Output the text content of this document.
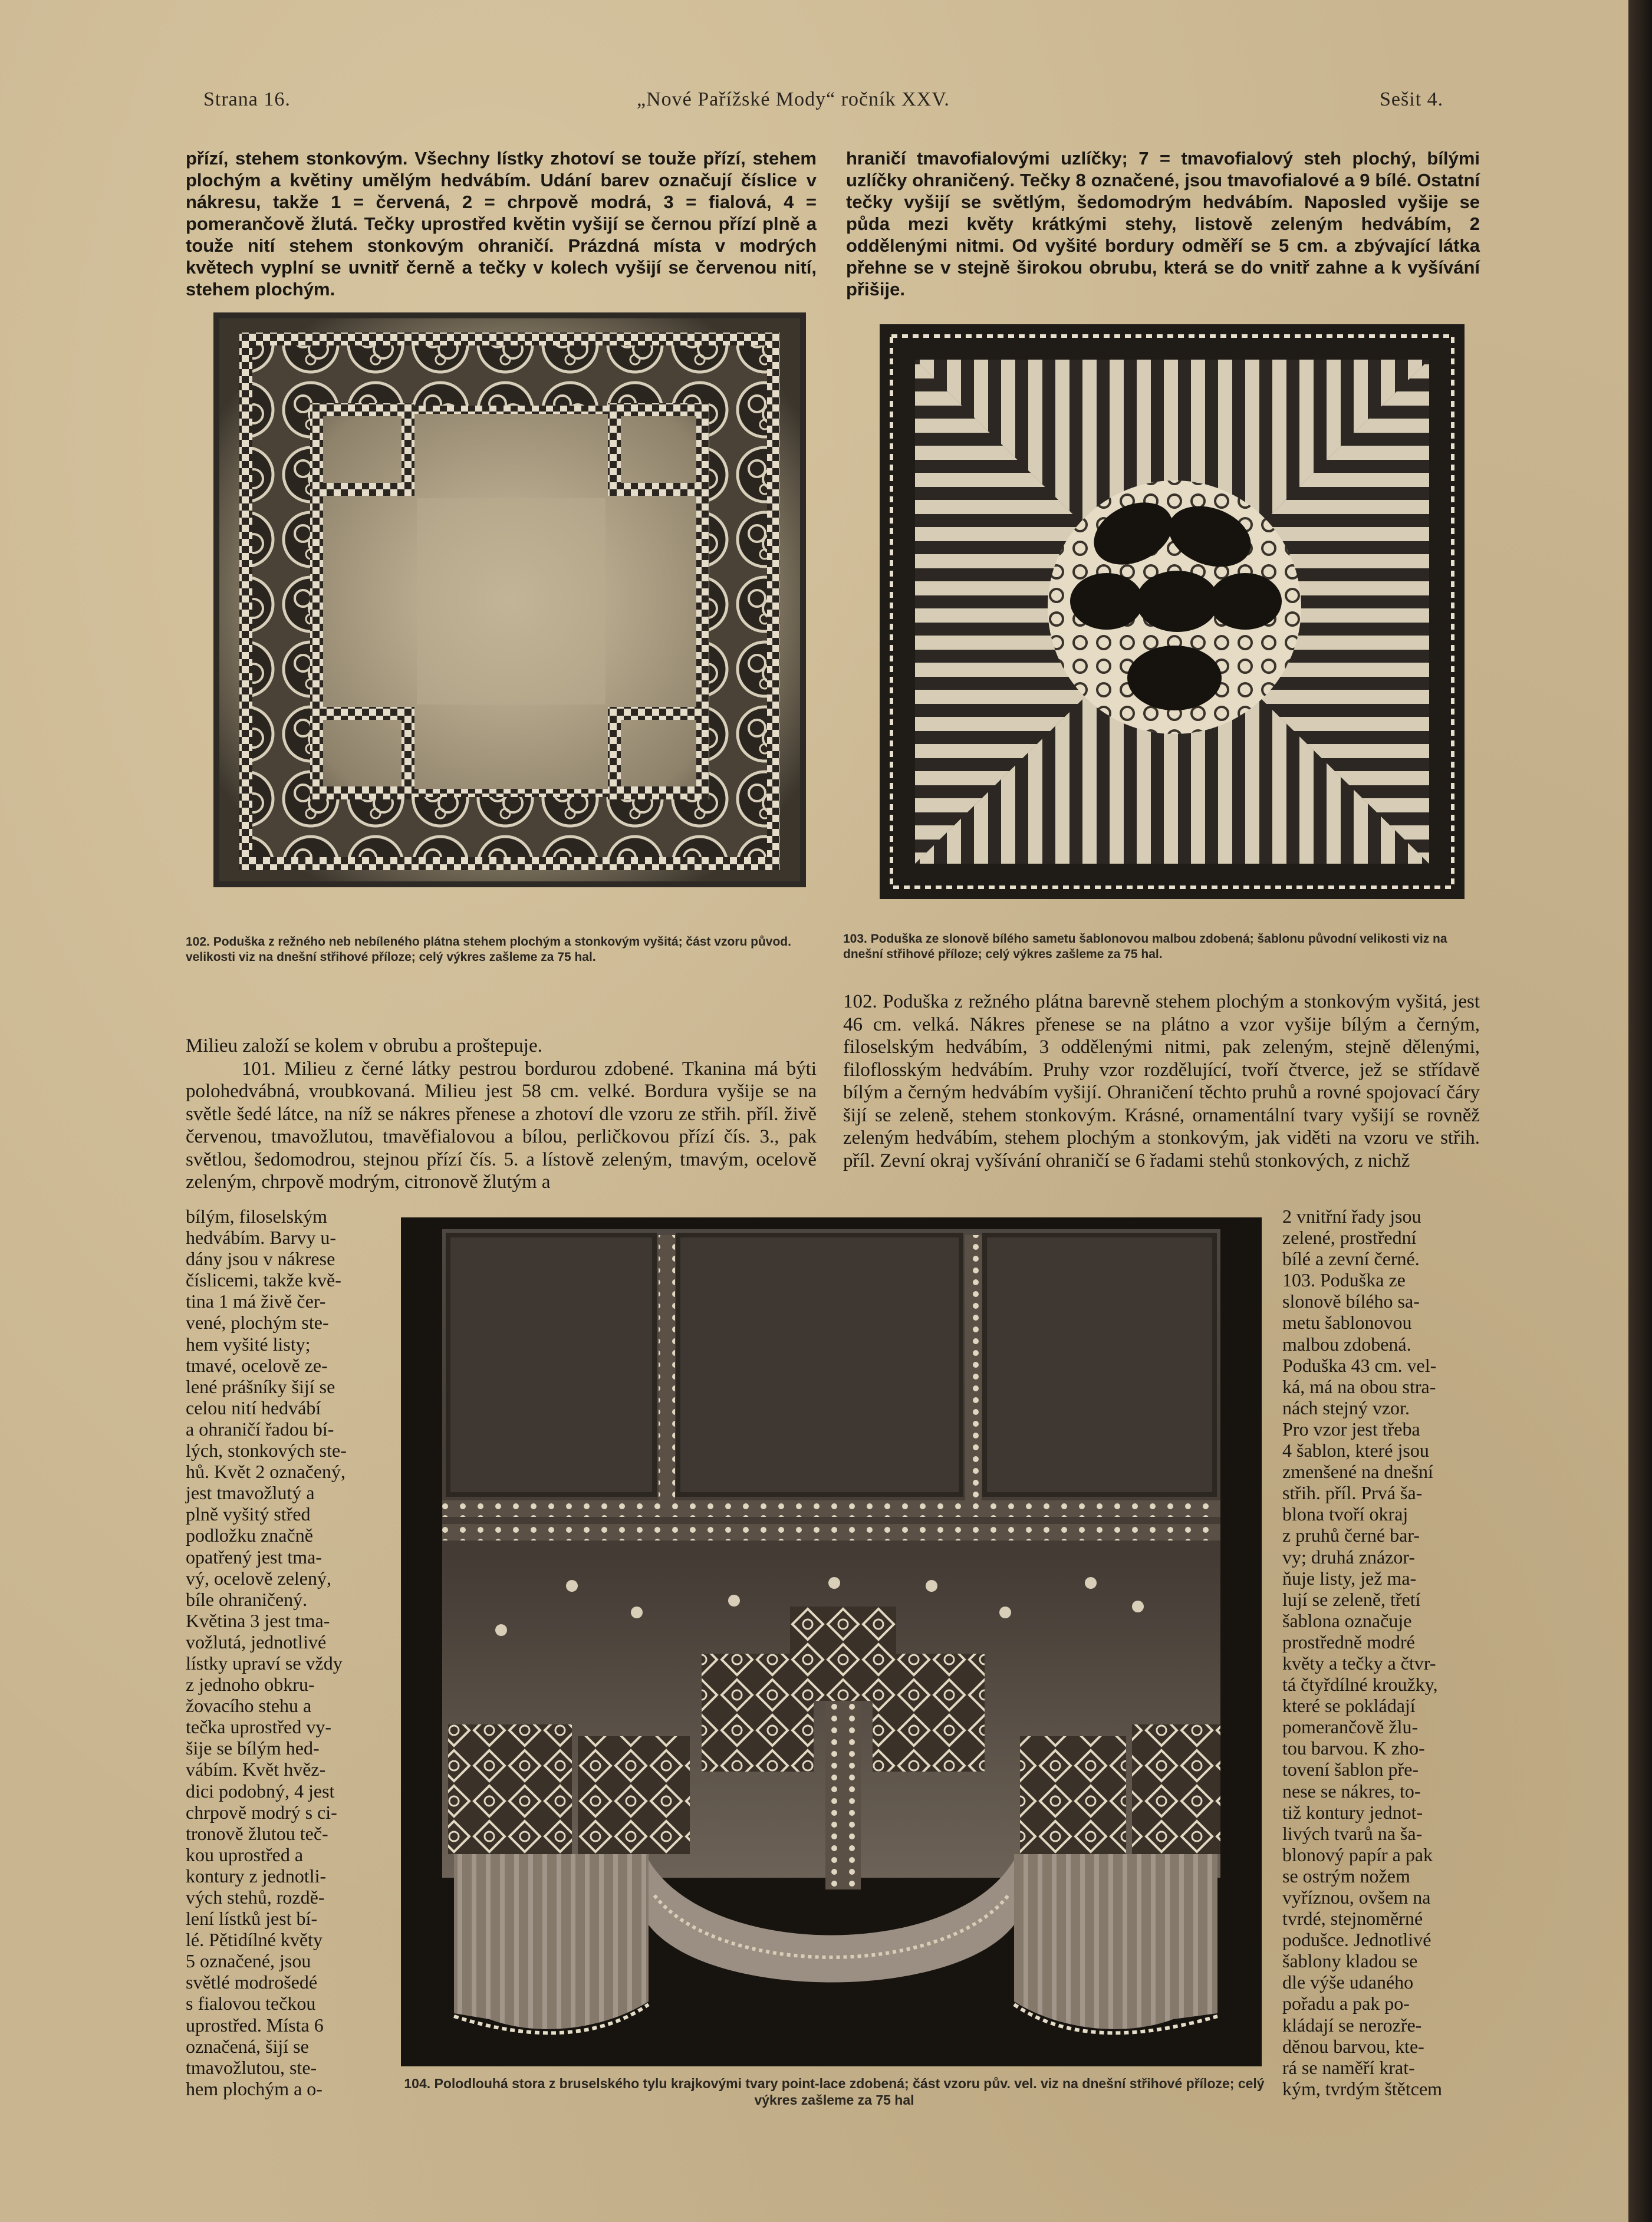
Strana 16.	„Nové Pařížské Mody“ ročník XXV.	Sešit 4.

přízí, stehem stonkovým. Všechny lístky zhotoví se touže přízí, stehem plochým a květiny umělým hedvábím. Udání barev označují číslice v nákresu, takže 1 = červená, 2 = chrpově modrá, 3 = fialová, 4 = pomerančově žlutá. Tečky uprostřed květin vyšijí se černou přízí plně a touže nití stehem stonkovým ohraničí. Prázdná místa v modrých květech vyplní se uvnitř černě a tečky v kolech vyšijí se červenou nití, stehem plochým.

hraničí tmavofialovými uzlíčky; 7 = tmavofialový steh plochý, bílými uzlíčky ohraničený. Tečky 8 označené, jsou tmavofialové a 9 bílé. Ostatní tečky vyšijí se světlým, šedomodrým hedvábím. Naposled vyšije se půda mezi květy krátkými stehy, listově zeleným hedvábím, 2 oddělenými nitmi. Od vyšité bordury odměří se 5 cm. a zbývající látka přehne se v stejně širokou obrubu, která se do vnitř zahne a k vyšívání přišije.

102. Poduška z režného neb nebíleného plátna stehem plochým a stonkovým vyšitá; část vzoru původ. velikosti viz na dnešní střihové příloze; celý výkres zašleme za 75 hal.
103. Poduška ze slonově bílého sametu šablonovou malbou zdobená; šablonu původní velikosti viz na dnešní střihové příloze; celý výkres zašleme za 75 hal.

Milieu založí se kolem v obrubu a proštepuje.

101. Milieu z černé látky pestrou bordurou zdobené. Tkanina má býti polohedvábná, vroubkovaná. Milieu jest 58 cm. velké. Bordura vyšije se na světle šedé látce, na níž se nákres přenese a zhotoví dle vzoru ze střih. příl. živě červenou, tmavožlutou, tmavěfialovou a bílou, perličkovou přízí čís. 3., pak světlou, šedomodrou, stejnou přízí čís. 5. a lístově zeleným, tmavým, ocelově zeleným, chrpově modrým, citronově žlutým a

bílým, filoselským
hedvábím. Barvy u-
dány jsou v nákrese
číslicemi, takže kvě-
tina 1 má živě čer-
vené, plochým ste-
hem vyšité listy;
tmavé, ocelově ze-
lené prášníky šijí se
celou nití hedvábí
a ohraničí řadou bí-
lých, stonkových ste-
hů. Květ 2 označený,
jest tmavožlutý a
plně vyšitý střed
podložku značně
opatřený jest tma-
vý, ocelově zelený,
bíle ohraničený.
Květina 3 jest tma-
vožlutá, jednotlivé
lístky upraví se vždy
z jednoho obkru-
žovacího stehu a
tečka uprostřed vy-
šije se bílým hed-
vábím. Květ hvěz-
dici podobný, 4 jest
chrpově modrý s ci-
tronově žlutou teč-
kou uprostřed a
kontury z jednotli-
vých stehů, rozdě-
lení lístků jest bí-
lé. Pětidílné květy
5 označené, jsou
světlé modrošedé
s fialovou tečkou
uprostřed. Místa 6
označená, šijí se
tmavožlutou, ste-
hem plochým a o-

102. Poduška z režného plátna barevně stehem plochým a stonkovým vyšitá, jest 46 cm. velká. Nákres přenese se na plátno a vzor vyšije bílým a černým, filoselským hedvábím, 3 oddělenými nitmi, pak zeleným, stejně dělenými, filoflosským hedvábím. Pruhy vzor rozdělující, tvoří čtverce, jež se střídavě bílým a černým hedvábím vyšijí. Ohraničení těchto pruhů a rovné spojovací čáry šijí se zeleně, stehem stonkovým. Krásné, ornamentální tvary vyšijí se rovněž zeleným hedvábím, stehem plochým a stonkovým, jak viděti na vzoru ve střih. příl. Zevní okraj vyšívání ohraničí se 6 řadami stehů stonkových, z nichž

2 vnitřní řady jsou
zelené, prostřední
bílé a zevní černé.
103. Poduška ze
slonově bílého sa-
metu šablonovou
malbou zdobená.
Poduška 43 cm. vel-
ká, má na obou stra-
nách stejný vzor.
Pro vzor jest třeba
4 šablon, které jsou
zmenšené na dnešní
střih. příl. Prvá ša-
blona tvoří okraj
z pruhů černé bar-
vy; druhá znázor-
ňuje listy, jež ma-
lují se zeleně, třetí
šablona označuje
prostředně modré
květy a tečky a čtvr-
tá čtyřdílné kroužky,
které se pokládají
pomerančově žlu-
tou barvou. K zho-
tovení šablon pře-
nese se nákres, to-
tiž kontury jednot-
livých tvarů na ša-
blonový papír a pak
se ostrým nožem
vyříznou, ovšem na
tvrdé, stejnoměrné
podušce. Jednotlivé
šablony kladou se
dle výše udaného
pořadu a pak po-
kládají se nerozře-
děnou barvou, kte-
rá se naměří krat-
kým, tvrdým štětcem
104. Polodlouhá stora z bruselského tylu krajkovými tvary point-lace zdobená; část vzoru pův. vel. viz na dnešní střihové příloze; celý výkres zašleme za 75 hal
